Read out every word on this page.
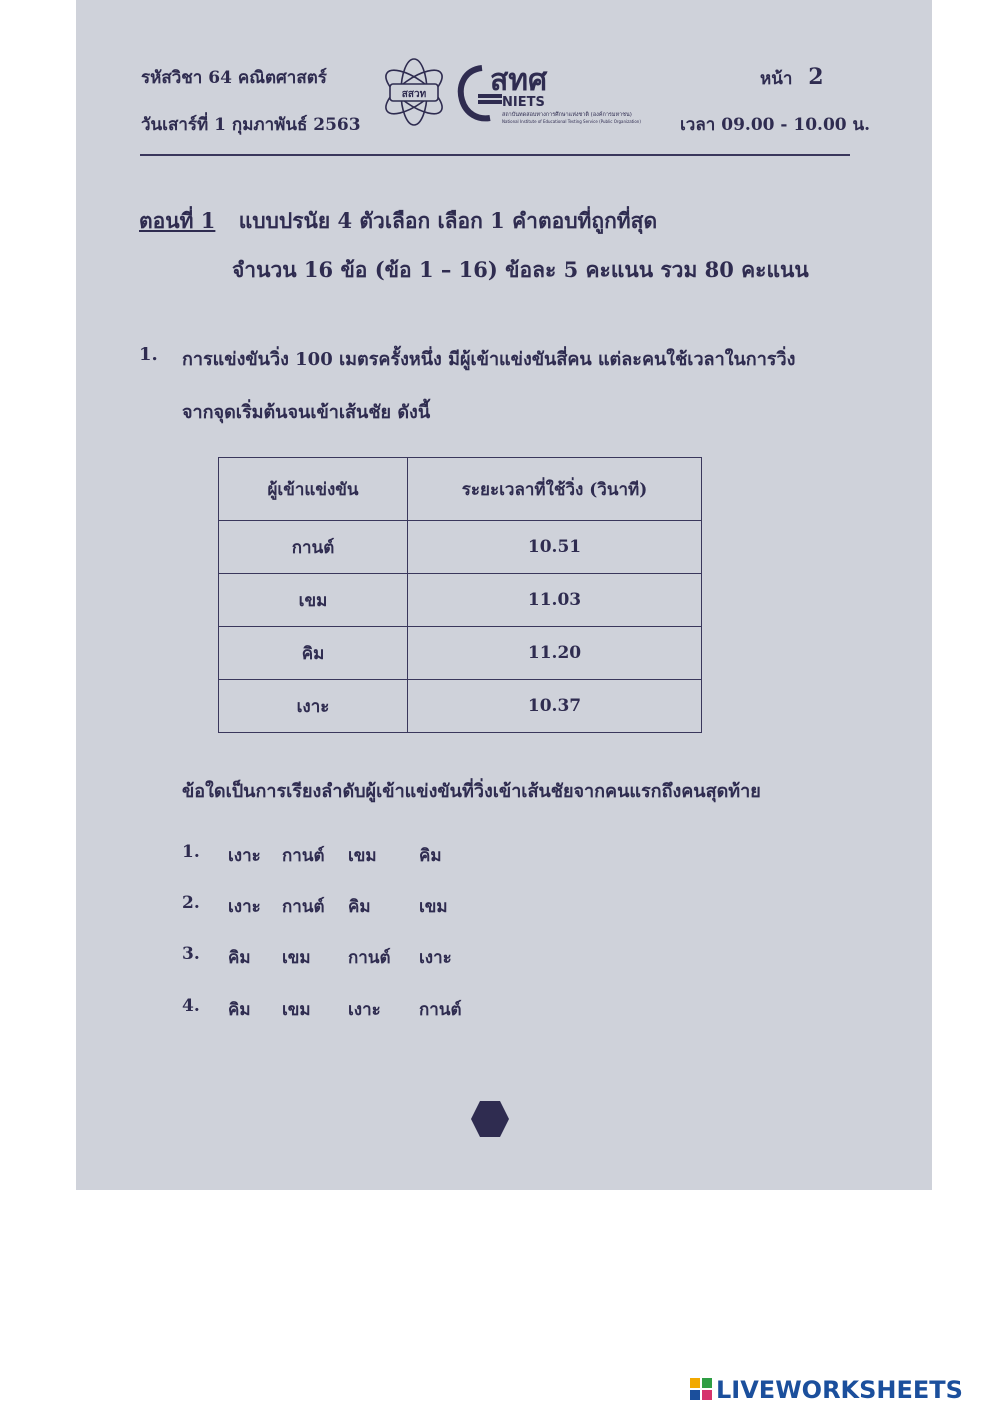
รหัสวิชา 64 คณิตศาสตร์
วันเสาร์ที่ 1 กุมภาพันธ์ 2563
สสวท สทศ
NIETS
สถาบันทดสอบทางการศึกษาแห่งชาติ (องค์การมหาชน)
National Institute of Educational Testing Service (Public Organization)
หน้า 2
เวลา 09.00 - 10.00 น.
ตอนที่ 1 แบบปรนัย 4 ตัวเลือก เลือก 1 คำตอบที่ถูกที่สุด
จำนวน 16 ข้อ (ข้อ 1 – 16) ข้อละ 5 คะแนน รวม 80 คะแนน
1. การแข่งขันวิ่ง 100 เมตรครั้งหนึ่ง มีผู้เข้าแข่งขันสี่คน แต่ละคนใช้เวลาในการวิ่ง
จากจุดเริ่มต้นจนเข้าเส้นชัย ดังนี้
ผู้เข้าแข่งขัน	ระยะเวลาที่ใช้วิ่ง (วินาที)
กานต์	10.51
เขม	11.03
คิม	11.20
เงาะ	10.37
ข้อใดเป็นการเรียงลำดับผู้เข้าแข่งขันที่วิ่งเข้าเส้นชัยจากคนแรกถึงคนสุดท้าย
1. เงาะ กานต์ เขม คิม
2. เงาะ กานต์ คิม	เขม
3. คิม เขม กานต์ เงาะ
4. คิม เขม เงาะ กานต์
LIVEWORKSHEETS
